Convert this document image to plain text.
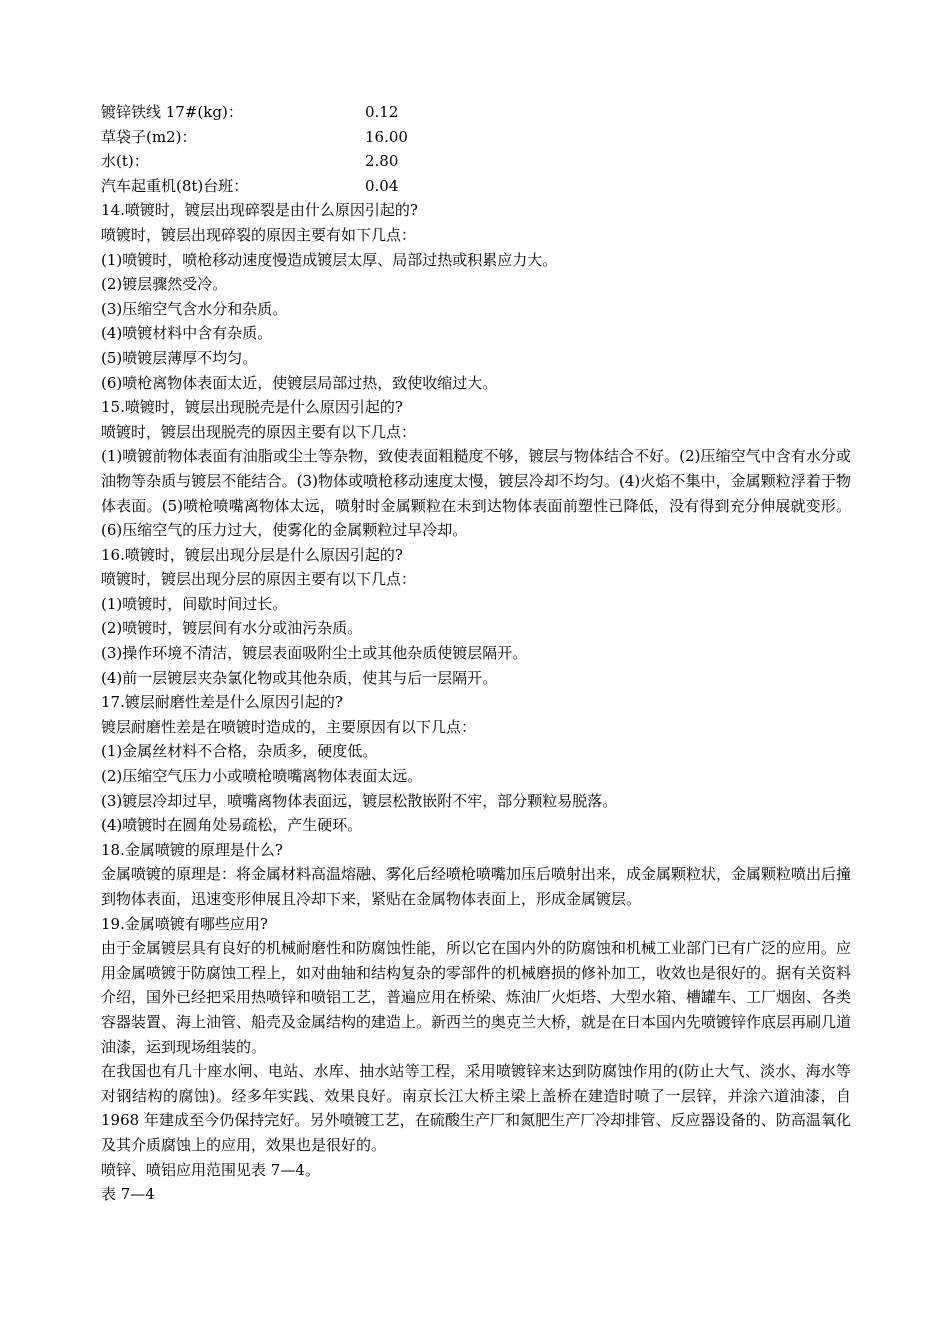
镀锌铁线 17#(kg)：	0.12
草袋子(m2)：	16.00
水(t)：	2.80
汽车起重机(8t)台班：	0.04

14.喷镀时，镀层出现碎裂是由什么原因引起的?

喷镀时，镀层出现碎裂的原因主要有如下几点：

(1)喷镀时，喷枪移动速度慢造成镀层太厚、局部过热或积累应力大。

(2)镀层骤然受冷。

(3)压缩空气含水分和杂质。

(4)喷镀材料中含有杂质。

(5)喷镀层薄厚不均匀。

(6)喷枪离物体表面太近，使镀层局部过热，致使收缩过大。

15.喷镀时，镀层出现脱壳是什么原因引起的?

喷镀时，镀层出现脱壳的原因主要有以下几点：

(1)喷镀前物体表面有油脂或尘土等杂物，致使表面粗糙度不够，镀层与物体结合不好。(2)压缩空气中含有水分或油物等杂质与镀层不能结合。(3)物体或喷枪移动速度太慢，镀层冷却不均匀。(4)火焰不集中，金属颗粒浮着于物体表面。(5)喷枪喷嘴离物体太远，喷射时金属颗粒在未到达物体表面前塑性已降低，没有得到充分伸展就变形。(6)压缩空气的压力过大，使雾化的金属颗粒过早冷却。

16.喷镀时，镀层出现分层是什么原因引起的?

喷镀时，镀层出现分层的原因主要有以下几点：

(1)喷镀时，间歇时间过长。

(2)喷镀时，镀层间有水分或油污杂质。

(3)操作环境不清洁，镀层表面吸附尘土或其他杂质使镀层隔开。

(4)前一层镀层夹杂氯化物或其他杂质，使其与后一层隔开。

17.镀层耐磨性差是什么原因引起的?

镀层耐磨性差是在喷镀时造成的，主要原因有以下几点：

(1)金属丝材料不合格，杂质多，硬度低。

(2)压缩空气压力小或喷枪喷嘴离物体表面太远。

(3)镀层冷却过早，喷嘴离物体表面远，镀层松散嵌附不牢，部分颗粒易脱落。

(4)喷镀时在圆角处易疏松，产生硬环。

18.金属喷镀的原理是什么?

金属喷镀的原理是：将金属材料高温熔融、雾化后经喷枪喷嘴加压后喷射出来，成金属颗粒状，金属颗粒喷出后撞到物体表面，迅速变形伸展且冷却下来，紧贴在金属物体表面上，形成金属镀层。

19.金属喷镀有哪些应用?

由于金属镀层具有良好的机械耐磨性和防腐蚀性能，所以它在国内外的防腐蚀和机械工业部门已有广泛的应用。应用金属喷镀于防腐蚀工程上，如对曲轴和结构复杂的零部件的机械磨损的修补加工，收效也是很好的。据有关资料介绍，国外已经把采用热喷锌和喷铝工艺，普遍应用在桥梁、炼油厂火炬塔、大型水箱、槽罐车、工厂烟囱、各类容器装置、海上油管、船壳及金属结构的建造上。新西兰的奥克兰大桥，就是在日本国内先喷镀锌作底层再刷几道油漆，运到现场组装的。

在我国也有几十座水闸、电站、水库、抽水站等工程，采用喷镀锌来达到防腐蚀作用的(防止大气、淡水、海水等对钢结构的腐蚀)。经多年实践、效果良好。南京长江大桥主梁上盖桥在建造时喷了一层锌，并涂六道油漆，自 1968 年建成至今仍保持完好。另外喷镀工艺，在硫酸生产厂和氮肥生产厂冷却排管、反应器设备的、防高温氧化及其介质腐蚀上的应用，效果也是很好的。

喷锌、喷铝应用范围见表 7—4。

表 7—4
